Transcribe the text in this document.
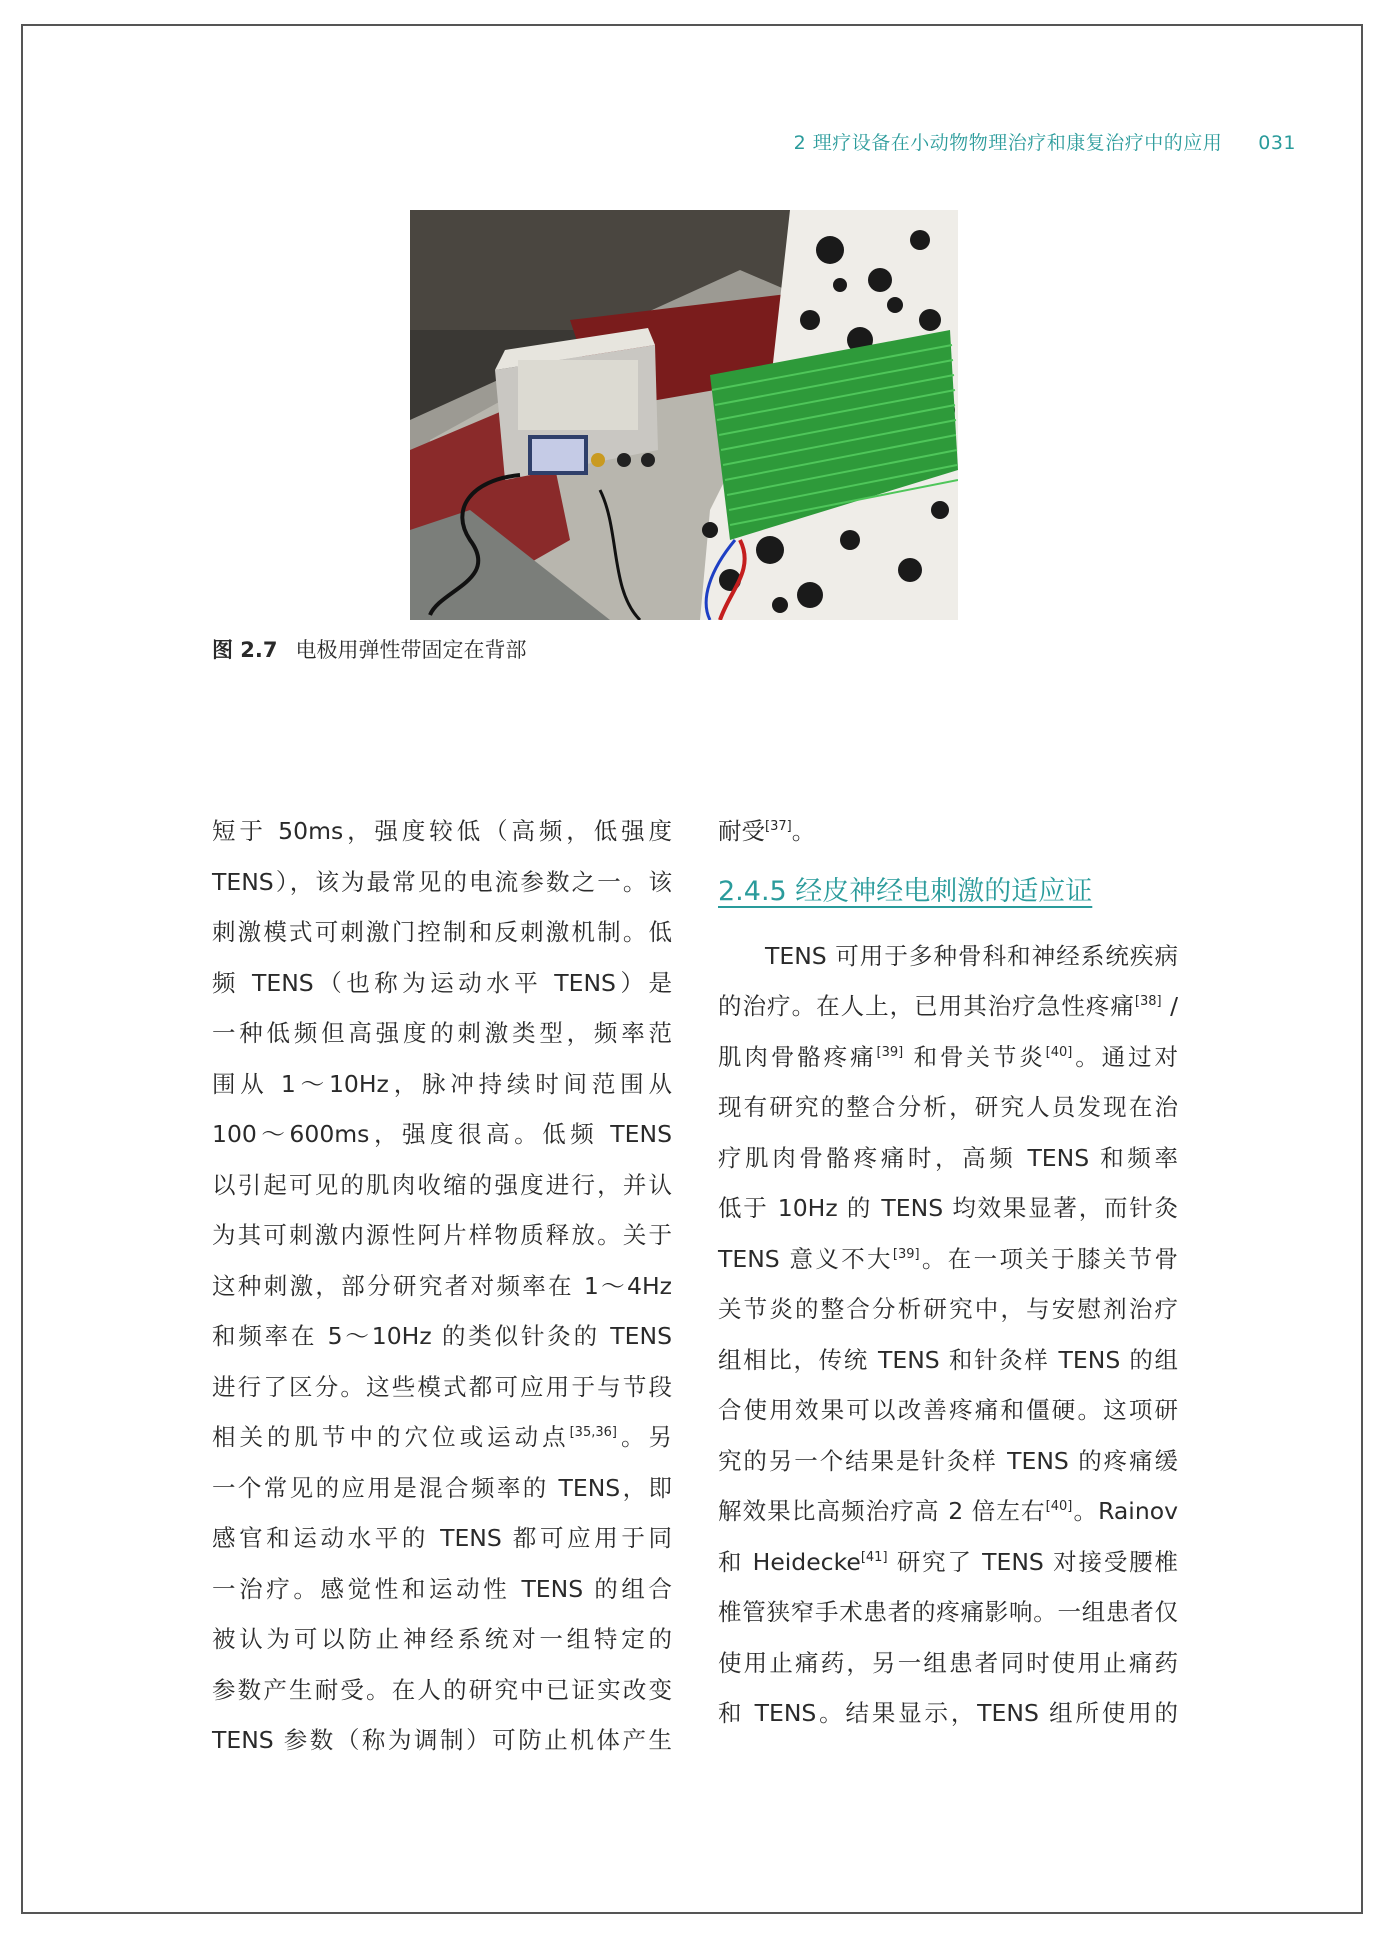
2 理疗设备在小动物物理治疗和康复治疗中的应用 031
图 2.7 电极用弹性带固定在背部
短于 50ms，强度较低（高频，低强度
TENS），该为最常见的电流参数之一。该
刺激模式可刺激门控制和反刺激机制。低
频 TENS（也称为运动水平 TENS）是
一种低频但高强度的刺激类型，频率范
围从 1～10Hz，脉冲持续时间范围从
100～600ms，强度很高。低频 TENS
以引起可见的肌肉收缩的强度进行，并认
为其可刺激内源性阿片样物质释放。关于
这种刺激，部分研究者对频率在 1～4Hz
和频率在 5～10Hz 的类似针灸的 TENS
进行了区分。这些模式都可应用于与节段
相关的肌节中的穴位或运动点[35,36]。另
一个常见的应用是混合频率的 TENS，即
感官和运动水平的 TENS 都可应用于同
一治疗。感觉性和运动性 TENS 的组合
被认为可以防止神经系统对一组特定的
参数产生耐受。在人的研究中已证实改变
TENS 参数（称为调制）可防止机体产生
耐受[37]。
2.4.5 经皮神经电刺激的适应证
TENS 可用于多种骨科和神经系统疾病
的治疗。在人上，已用其治疗急性疼痛[38] /
肌肉骨骼疼痛[39] 和骨关节炎[40]。通过对
现有研究的整合分析，研究人员发现在治
疗肌肉骨骼疼痛时，高频 TENS 和频率
低于 10Hz 的 TENS 均效果显著，而针灸
TENS 意义不大[39]。在一项关于膝关节骨
关节炎的整合分析研究中，与安慰剂治疗
组相比，传统 TENS 和针灸样 TENS 的组
合使用效果可以改善疼痛和僵硬。这项研
究的另一个结果是针灸样 TENS 的疼痛缓
解效果比高频治疗高 2 倍左右[40]。Rainov
和 Heidecke[41] 研究了 TENS 对接受腰椎
椎管狭窄手术患者的疼痛影响。一组患者仅
使用止痛药，另一组患者同时使用止痛药
和 TENS。结果显示，TENS 组所使用的
